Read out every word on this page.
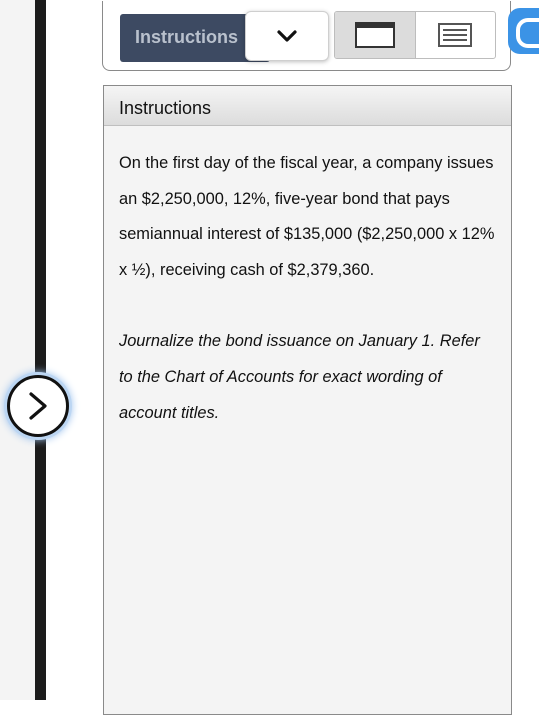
Instructions
Instructions

On the first day of the fiscal year, a company issues an $2,250,000, 12%, five-year bond that pays semiannual interest of $135,000 ($2,250,000 x 12% x ½), receiving cash of $2,379,360.

Journalize the bond issuance on January 1. Refer to the Chart of Accounts for exact wording of account titles.
